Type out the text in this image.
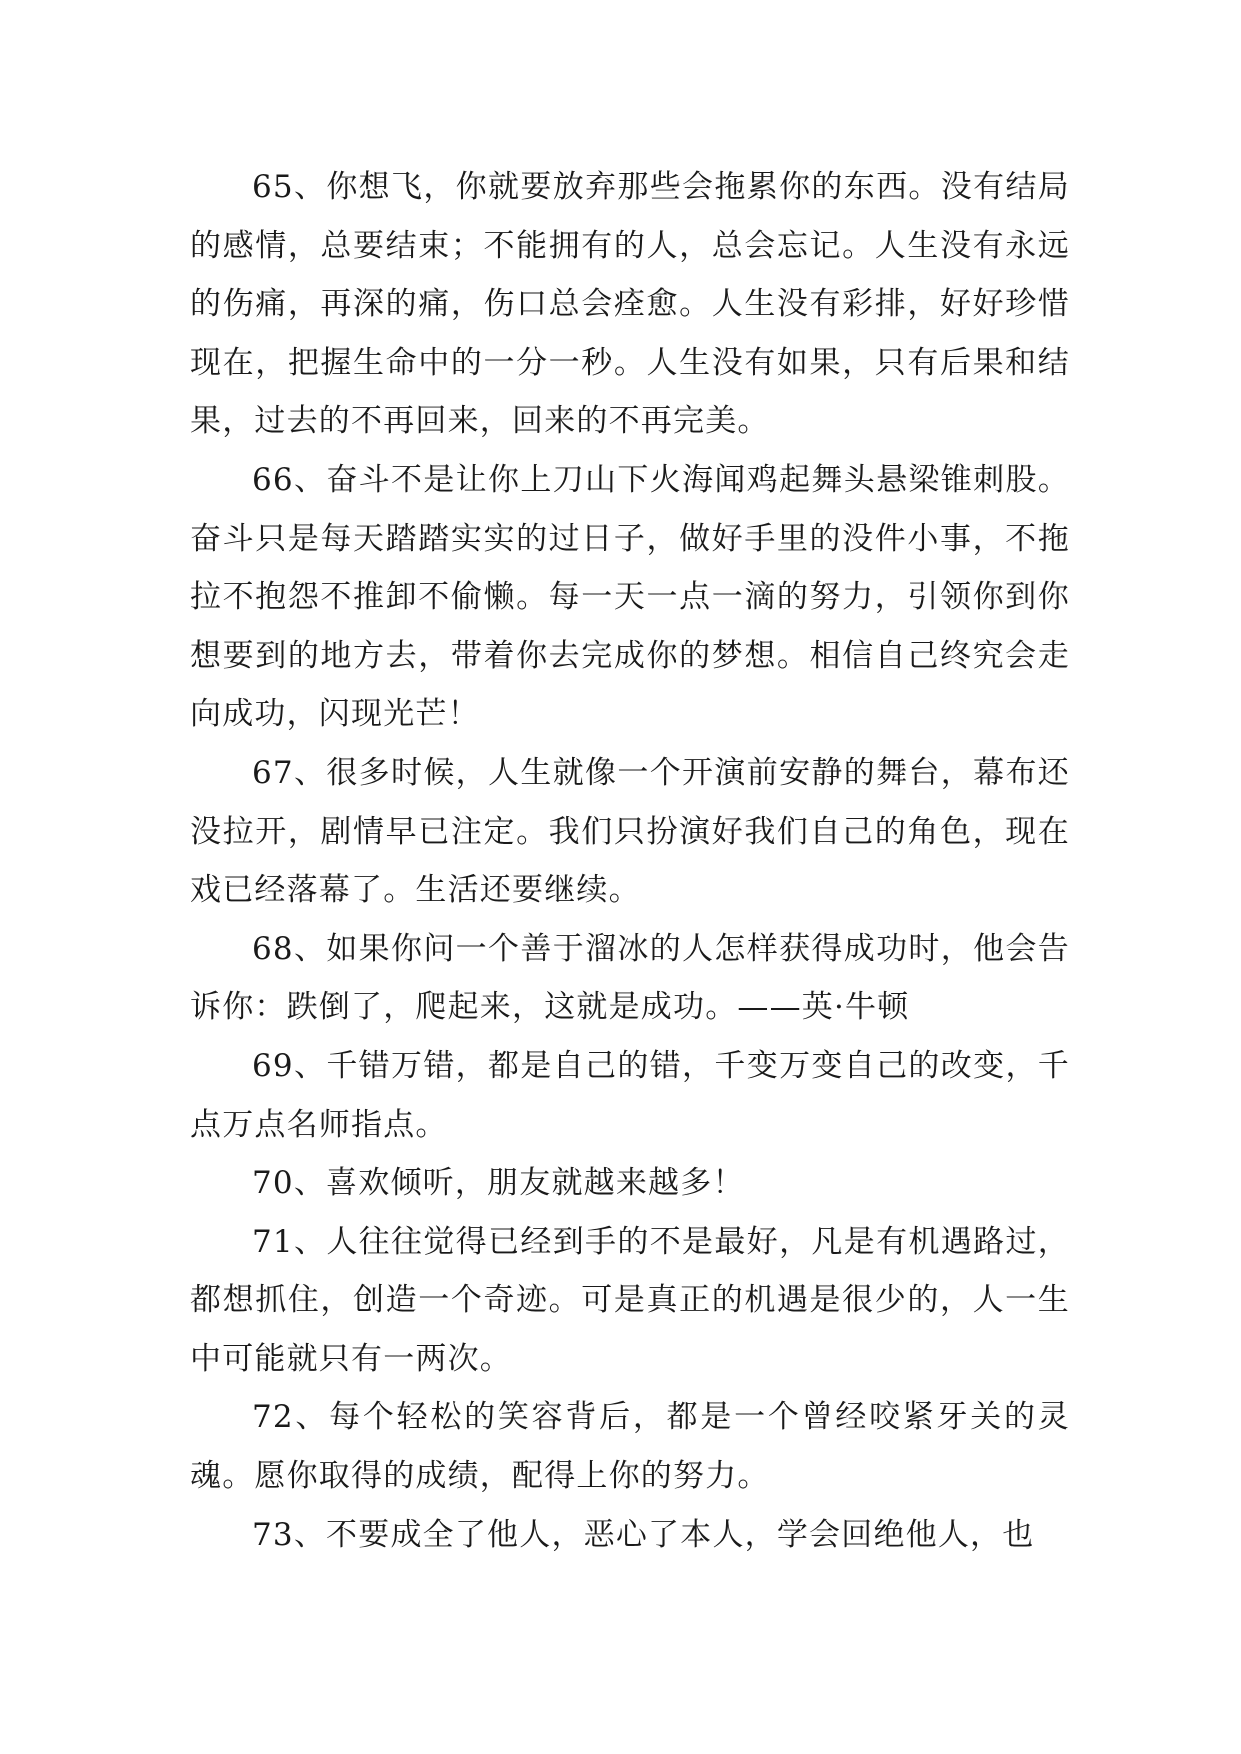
65、你想飞，你就要放弃那些会拖累你的东西。没有结局的感情，总要结束；不能拥有的人，总会忘记。人生没有永远的伤痛，再深的痛，伤口总会痊愈。人生没有彩排，好好珍惜现在，把握生命中的一分一秒。人生没有如果，只有后果和结果，过去的不再回来，回来的不再完美。

66、奋斗不是让你上刀山下火海闻鸡起舞头悬梁锥刺股。奋斗只是每天踏踏实实的过日子，做好手里的没件小事，不拖拉不抱怨不推卸不偷懒。每一天一点一滴的努力，引领你到你想要到的地方去，带着你去完成你的梦想。相信自己终究会走向成功，闪现光芒！

67、很多时候，人生就像一个开演前安静的舞台，幕布还没拉开，剧情早已注定。我们只扮演好我们自己的角色，现在戏已经落幕了。生活还要继续。

68、如果你问一个善于溜冰的人怎样获得成功时，他会告诉你：跌倒了，爬起来，这就是成功。——英·牛顿

69、千错万错，都是自己的错，千变万变自己的改变，千点万点名师指点。

70、喜欢倾听，朋友就越来越多！

71、人往往觉得已经到手的不是最好，凡是有机遇路过，都想抓住，创造一个奇迹。可是真正的机遇是很少的，人一生中可能就只有一两次。

72、每个轻松的笑容背后，都是一个曾经咬紧牙关的灵魂。愿你取得的成绩，配得上你的努力。

73、不要成全了他人，恶心了本人，学会回绝他人，也
